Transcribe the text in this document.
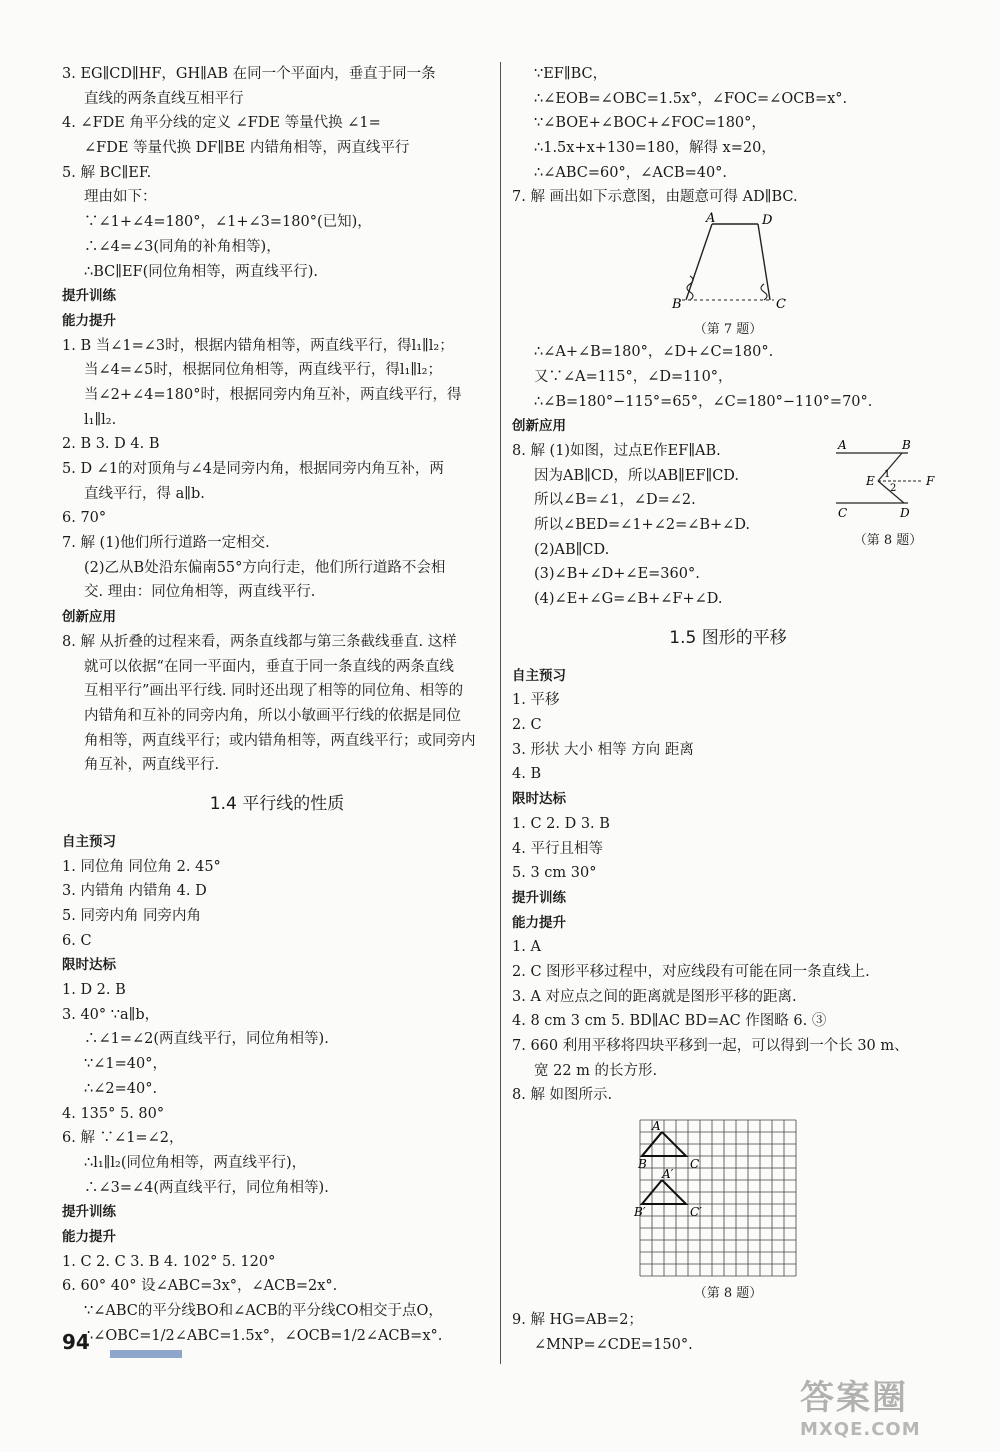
3. EG∥CD∥HF，GH∥AB 在同一个平面内，垂直于同一条
直线的两条直线互相平行
4. ∠FDE 角平分线的定义 ∠FDE 等量代换 ∠1=
∠FDE 等量代换 DF∥BE 内错角相等，两直线平行
5. 解 BC∥EF.
理由如下：
∵∠1+∠4=180°，∠1+∠3=180°(已知)，
∴∠4=∠3(同角的补角相等)，
∴BC∥EF(同位角相等，两直线平行).
提升训练
能力提升
1. B 当∠1=∠3时，根据内错角相等，两直线平行，得l₁∥l₂；
当∠4=∠5时，根据同位角相等，两直线平行，得l₁∥l₂；
当∠2+∠4=180°时，根据同旁内角互补，两直线平行，得
l₁∥l₂.
2. B 3. D 4. B
5. D ∠1的对顶角与∠4是同旁内角，根据同旁内角互补，两
直线平行，得 a∥b.
6. 70°
7. 解 (1)他们所行道路一定相交.
(2)乙从B处沿东偏南55°方向行走，他们所行道路不会相
交. 理由：同位角相等，两直线平行.
创新应用
8. 解 从折叠的过程来看，两条直线都与第三条截线垂直. 这样
就可以依据“在同一平面内，垂直于同一条直线的两条直线
互相平行”画出平行线. 同时还出现了相等的同位角、相等的
内错角和互补的同旁内角，所以小敏画平行线的依据是同位
角相等，两直线平行；或内错角相等，两直线平行；或同旁内
角互补，两直线平行.
1.4 平行线的性质
自主预习
1. 同位角 同位角 2. 45°
3. 内错角 内错角 4. D
5. 同旁内角 同旁内角
6. C
限时达标
1. D 2. B
3. 40° ∵a∥b，
∴∠1=∠2(两直线平行，同位角相等).
∵∠1=40°，
∴∠2=40°.
4. 135° 5. 80°
6. 解 ∵∠1=∠2，
∴l₁∥l₂(同位角相等，两直线平行)，
∴∠3=∠4(两直线平行，同位角相等).
提升训练
能力提升
1. C 2. C 3. B 4. 102° 5. 120°
6. 60° 40° 设∠ABC=3x°，∠ACB=2x°.
∵∠ABC的平分线BO和∠ACB的平分线CO相交于点O，
∴∠OBC=1/2∠ABC=1.5x°，∠OCB=1/2∠ACB=x°.
∵EF∥BC，
∴∠EOB=∠OBC=1.5x°，∠FOC=∠OCB=x°.
∵∠BOE+∠BOC+∠FOC=180°，
∴1.5x+x+130=180，解得 x=20，
∴∠ABC=60°，∠ACB=40°.
7. 解 画出如下示意图，由题意可得 AD∥BC.
A	D
B	C
（第 7 题）
∴∠A+∠B=180°，∠D+∠C=180°.
又∵∠A=115°，∠D=110°，
∴∠B=180°−115°=65°，∠C=180°−110°=70°.
创新应用
8. 解 (1)如图，过点E作EF∥AB.
因为AB∥CD，所以AB∥EF∥CD.
所以∠B=∠1，∠D=∠2.
所以∠BED=∠1+∠2=∠B+∠D.
(2)AB∥CD.
(3)∠B+∠D+∠E=360°.
(4)∠E+∠G=∠B+∠F+∠D.
A	B
E	F
1
2
C	D
（第 8 题）
1.5 图形的平移
自主预习
1. 平移
2. C
3. 形状 大小 相等 方向 距离
4. B
限时达标
1. C 2. D 3. B
4. 平行且相等
5. 3 cm 30°
提升训练
能力提升
1. A
2. C 图形平移过程中，对应线段有可能在同一条直线上.
3. A 对应点之间的距离就是图形平移的距离.
4. 8 cm 3 cm 5. BD∥AC BD=AC 作图略 6. ③
7. 660 利用平移将四块平移到一起，可以得到一个长 30 m、
宽 22 m 的长方形.
8. 解 如图所示.
A
B	C
A′
B′	C′
（第 8 题）
9. 解 HG=AB=2；
∠MNP=∠CDE=150°.
94
答案圈
MXQE.COM
